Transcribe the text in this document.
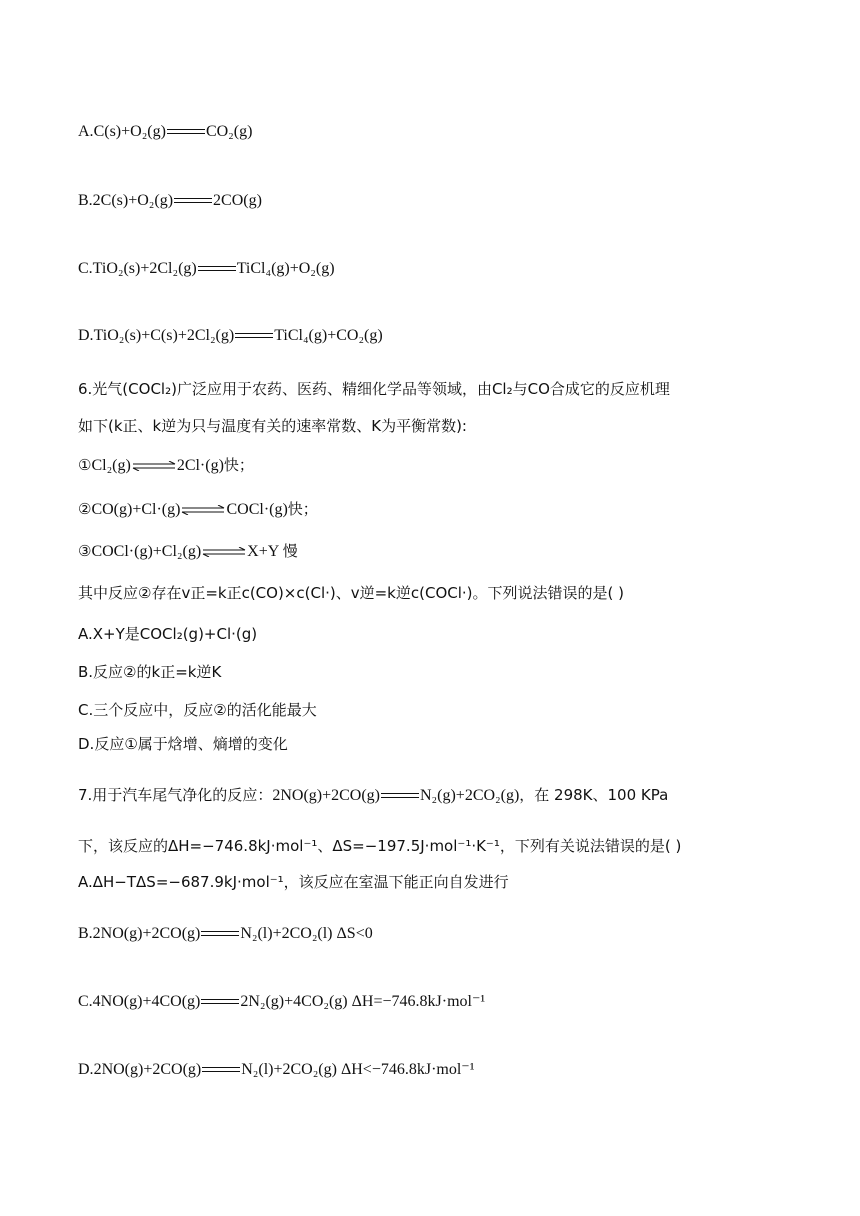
A.C(s)+O₂(g)	CO₂(g)
B.2C(s)+O₂(g)	2CO(g)
C.TiO₂(s)+2Cl₂(g)	TiCl₄(g)+O₂(g)
D.TiO₂(s)+C(s)+2Cl₂(g)	TiCl₄(g)+CO₂(g)
6.光气(COCl₂)广泛应用于农药、医药、精细化学品等领域，由Cl₂与CO合成它的反应机理
如下(k正、k逆为只与温度有关的速率常数、K为平衡常数):
①Cl₂(g)⇌2Cl·(g)快；
②CO(g)+Cl·(g)⇌COCl·(g)快；
③COCl·(g)+Cl₂(g)⇌X+Y 慢
其中反应②存在v正=k正c(CO)×c(Cl·)、v逆=k逆c(COCl·)。下列说法错误的是( )
A.X+Y是COCl₂(g)+Cl·(g)
B.反应②的k正=k逆K
C.三个反应中，反应②的活化能最大
D.反应①属于焓增、熵增的变化
7.用于汽车尾气净化的反应：2NO(g)+2CO(g)	N₂(g)+2CO₂(g)，在 298K、100 KPa
下，该反应的ΔH=−746.8kJ·mol⁻¹、ΔS=−197.5J·mol⁻¹·K⁻¹，下列有关说法错误的是( )
A.ΔH−TΔS=−687.9kJ·mol⁻¹，该反应在室温下能正向自发进行
B.2NO(g)+2CO(g)	N₂(l)+2CO₂(l) ΔS<0
C.4NO(g)+4CO(g)	2N₂(g)+4CO₂(g) ΔH=−746.8kJ·mol⁻¹
D.2NO(g)+2CO(g)	N₂(l)+2CO₂(g) ΔH<−746.8kJ·mol⁻¹
